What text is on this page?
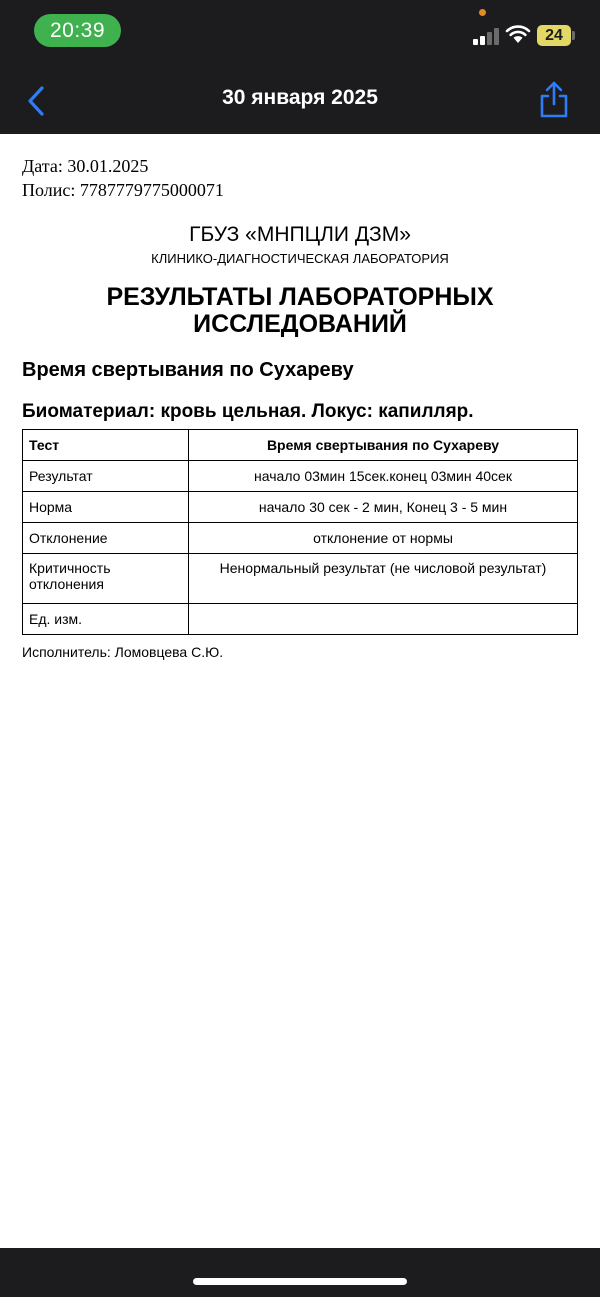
20:39	24
30 января 2025
Дата: 30.01.2025
Полис: 7787779775000071
ГБУЗ «МНПЦЛИ ДЗМ»
КЛИНИКО-ДИАГНОСТИЧЕСКАЯ ЛАБОРАТОРИЯ
РЕЗУЛЬТАТЫ ЛАБОРАТОРНЫХ
ИССЛЕДОВАНИЙ
Время свертывания по Сухареву
Биоматериал: кровь цельная. Локус: капилляр.
Тест	Время свертывания по Сухареву
Результат	начало 03мин 15сек.конец 03мин 40сек
Норма	начало 30 сек - 2 мин, Конец 3 - 5 мин
Отклонение	отклонение от нормы
Критичность отклонения	Ненормальный результат (не числовой результат)
Ед. изм.	
Исполнитель: Ломовцева С.Ю.
